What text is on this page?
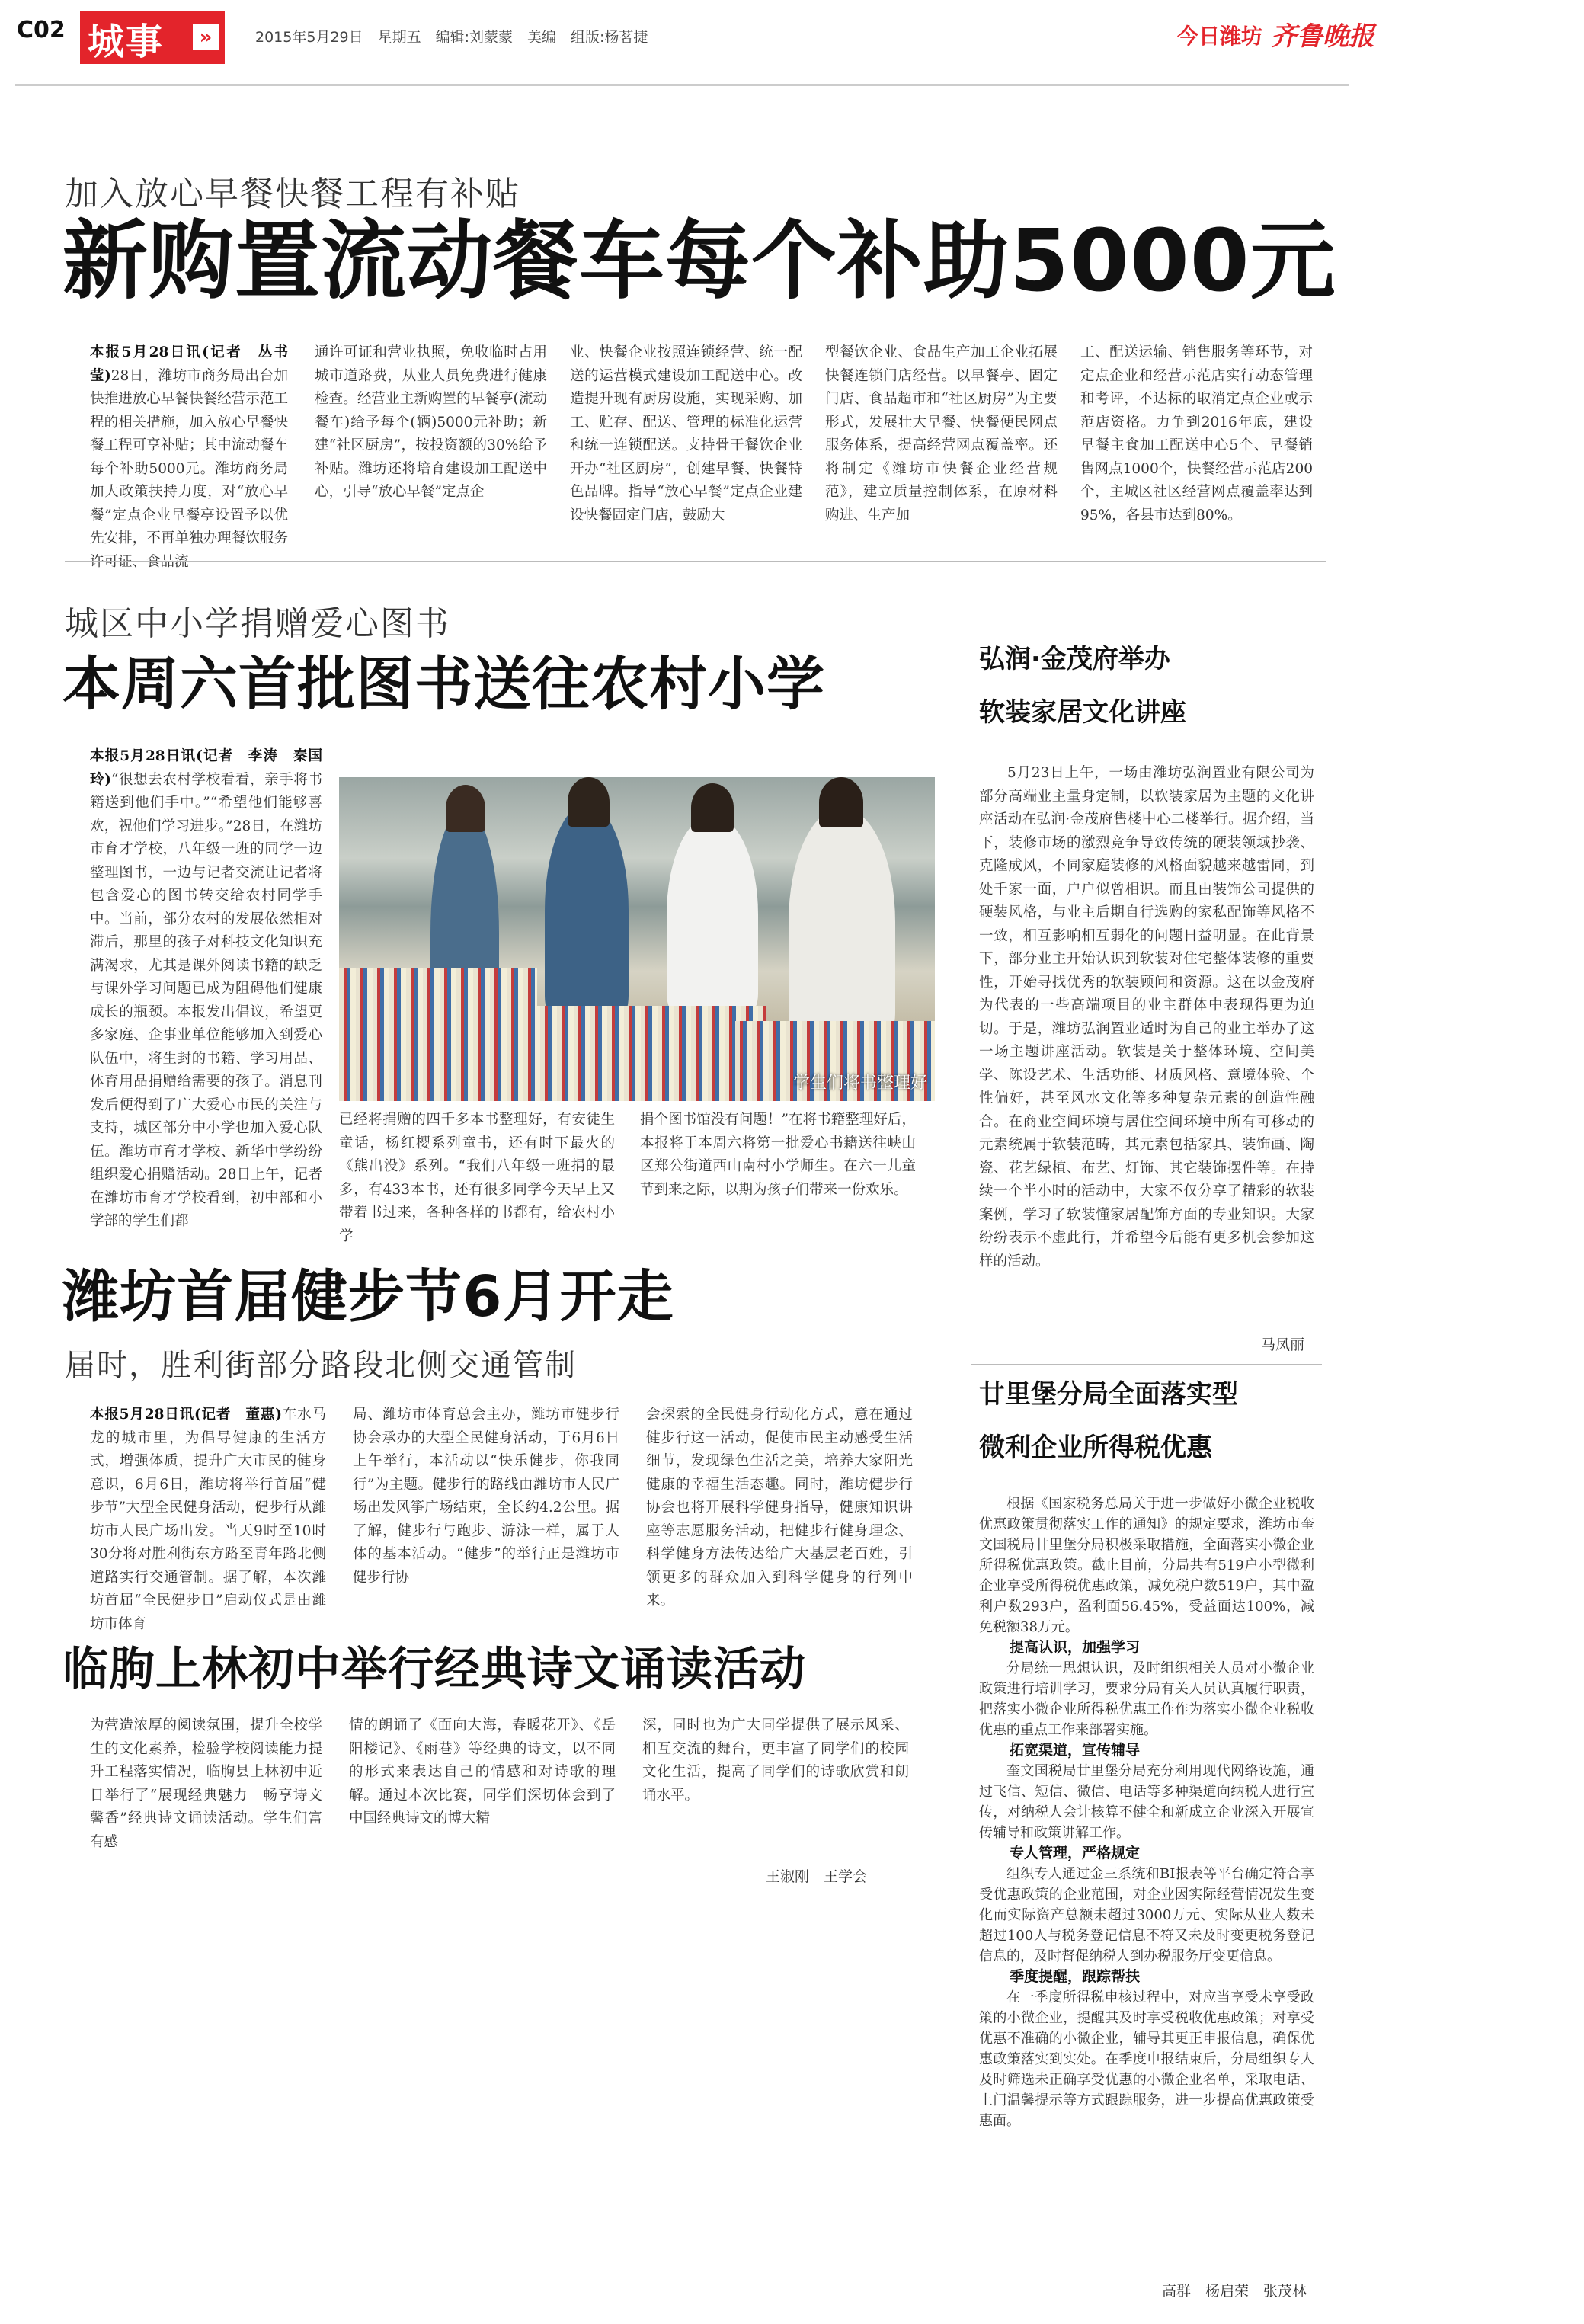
C02 城事	»	2015年5月29日　星期五　编辑:刘蒙蒙　美编　组版:杨茗捷	今日潍坊 齐鲁晚报
加入放心早餐快餐工程有补贴
新购置流动餐车每个补助5000元
本报5月28日讯(记者　丛书莹)28日，潍坊市商务局出台加快推进放心早餐快餐经营示范工程的相关措施，加入放心早餐快餐工程可享补贴；其中流动餐车每个补助5000元。潍坊商务局加大政策扶持力度，对“放心早餐”定点企业早餐亭设置予以优先安排，不再单独办理餐饮服务许可证、食品流
通许可证和营业执照，免收临时占用城市道路费，从业人员免费进行健康检查。经营业主新购置的早餐亭(流动餐车)给予每个(辆)5000元补助；新建“社区厨房”，按投资额的30%给予补贴。潍坊还将培育建设加工配送中心，引导“放心早餐”定点企
业、快餐企业按照连锁经营、统一配送的运营模式建设加工配送中心。改造提升现有厨房设施，实现采购、加工、贮存、配送、管理的标准化运营和统一连锁配送。支持骨干餐饮企业开办“社区厨房”，创建早餐、快餐特色品牌。指导“放心早餐”定点企业建设快餐固定门店，鼓励大
型餐饮企业、食品生产加工企业拓展快餐连锁门店经营。以早餐亭、固定门店、食品超市和“社区厨房”为主要形式，发展壮大早餐、快餐便民网点服务体系，提高经营网点覆盖率。还将制定《潍坊市快餐企业经营规范》，建立质量控制体系，在原材料购进、生产加
工、配送运输、销售服务等环节，对定点企业和经营示范店实行动态管理和考评，不达标的取消定点企业或示范店资格。力争到2016年底，建设早餐主食加工配送中心5个、早餐销售网点1000个，快餐经营示范店200个，主城区社区经营网点覆盖率达到95%，各县市达到80%。
城区中小学捐赠爱心图书
本周六首批图书送往农村小学
本报5月28日讯(记者　李涛　秦国玲)“很想去农村学校看看，亲手将书籍送到他们手中。”“希望他们能够喜欢，祝他们学习进步。”28日，在潍坊市育才学校，八年级一班的同学一边整理图书，一边与记者交流让记者将包含爱心的图书转交给农村同学手中。当前，部分农村的发展依然相对滞后，那里的孩子对科技文化知识充满渴求，尤其是课外阅读书籍的缺乏与课外学习问题已成为阻碍他们健康成长的瓶颈。本报发出倡议，希望更多家庭、企事业单位能够加入到爱心队伍中，将生封的书籍、学习用品、体育用品捐赠给需要的孩子。消息刊发后便得到了广大爱心市民的关注与支持，城区部分中小学也加入爱心队伍。潍坊市育才学校、新华中学纷纷组织爱心捐赠活动。28日上午，记者在潍坊市育才学校看到，初中部和小学部的学生们都
学生们将书整理好
已经将捐赠的四千多本书整理好，有安徒生童话，杨红樱系列童书，还有时下最火的《熊出没》系列。“我们八年级一班捐的最多，有433本书，还有很多同学今天早上又带着书过来，各种各样的书都有，给农村小学
捐个图书馆没有问题！”在将书籍整理好后，本报将于本周六将第一批爱心书籍送往峡山区郑公街道西山南村小学师生。在六一儿童节到来之际，以期为孩子们带来一份欢乐。
潍坊首届健步节6月开走
届时，胜利街部分路段北侧交通管制
本报5月28日讯(记者　董惠)车水马龙的城市里，为倡导健康的生活方式，增强体质，提升广大市民的健身意识，6月6日，潍坊将举行首届“健步节”大型全民健身活动，健步行从潍坊市人民广场出发。当天9时至10时30分将对胜利街东方路至青年路北侧道路实行交通管制。据了解，本次潍坊首届“全民健步日”启动仪式是由潍坊市体育
局、潍坊市体育总会主办，潍坊市健步行协会承办的大型全民健身活动，于6月6日上午举行，本活动以“快乐健步，你我同行”为主题。健步行的路线由潍坊市人民广场出发风筝广场结束，全长约4.2公里。据了解，健步行与跑步、游泳一样，属于人体的基本活动。“健步”的举行正是潍坊市健步行协
会探索的全民健身行动化方式，意在通过健步行这一活动，促使市民主动感受生活细节，发现绿色生活之美，培养大家阳光健康的幸福生活态趣。同时，潍坊健步行协会也将开展科学健身指导，健康知识讲座等志愿服务活动，把健步行健身理念、科学健身方法传达给广大基层老百姓，引领更多的群众加入到科学健身的行列中来。
临朐上林初中举行经典诗文诵读活动
为营造浓厚的阅读氛围，提升全校学生的文化素养，检验学校阅读能力提升工程落实情况，临朐县上林初中近日举行了“展现经典魅力　畅享诗文馨香”经典诗文诵读活动。学生们富有感
情的朗诵了《面向大海，春暖花开》、《岳阳楼记》、《雨巷》等经典的诗文，以不同的形式来表达自己的情感和对诗歌的理解。通过本次比赛，同学们深切体会到了中国经典诗文的博大精
深，同时也为广大同学提供了展示风采、相互交流的舞台，更丰富了同学们的校园文化生活，提高了同学们的诗歌欣赏和朗诵水平。
王淑刚　王学会
弘润·金茂府举办
软装家居文化讲座
5月23日上午，一场由潍坊弘润置业有限公司为部分高端业主量身定制，以软装家居为主题的文化讲座活动在弘润·金茂府售楼中心二楼举行。据介绍，当下，装修市场的激烈竞争导致传统的硬装领域抄袭、克隆成风，不同家庭装修的风格面貌越来越雷同，到处千家一面，户户似曾相识。而且由装饰公司提供的硬装风格，与业主后期自行选购的家私配饰等风格不一致，相互影响相互弱化的问题日益明显。在此背景下，部分业主开始认识到软装对住宅整体装修的重要性，开始寻找优秀的软装顾问和资源。这在以金茂府为代表的一些高端项目的业主群体中表现得更为迫切。于是，潍坊弘润置业适时为自己的业主举办了这一场主题讲座活动。软装是关于整体环境、空间美学、陈设艺术、生活功能、材质风格、意境体验、个性偏好，甚至风水文化等多种复杂元素的创造性融合。在商业空间环境与居住空间环境中所有可移动的元素统属于软装范畴，其元素包括家具、装饰画、陶瓷、花艺绿植、布艺、灯饰、其它装饰摆件等。在持续一个半小时的活动中，大家不仅分享了精彩的软装案例，学习了软装懂家居配饰方面的专业知识。大家纷纷表示不虚此行，并希望今后能有更多机会参加这样的活动。
马凤丽
廿里堡分局全面落实型
微利企业所得税优惠
根据《国家税务总局关于进一步做好小微企业税收优惠政策贯彻落实工作的通知》的规定要求，潍坊市奎文国税局廿里堡分局积极采取措施，全面落实小微企业所得税优惠政策。截止目前，分局共有519户小型微利企业享受所得税优惠政策，减免税户数519户，其中盈利户数293户，盈利面56.45%，受益面达100%，减免税额38万元。
提高认识，加强学习
分局统一思想认识，及时组织相关人员对小微企业政策进行培训学习，要求分局有关人员认真履行职责，把落实小微企业所得税优惠工作作为落实小微企业税收优惠的重点工作来部署实施。
拓宽渠道，宣传辅导
奎文国税局廿里堡分局充分利用现代网络设施，通过飞信、短信、微信、电话等多种渠道向纳税人进行宣传，对纳税人会计核算不健全和新成立企业深入开展宣传辅导和政策讲解工作。
专人管理，严格规定
组织专人通过金三系统和BI报表等平台确定符合享受优惠政策的企业范围，对企业因实际经营情况发生变化而实际资产总额未超过3000万元、实际从业人数未超过100人与税务登记信息不符又未及时变更税务登记信息的，及时督促纳税人到办税服务厅变更信息。
季度提醒，跟踪帮扶
在一季度所得税申核过程中，对应当享受未享受政策的小微企业，提醒其及时享受税收优惠政策；对享受优惠不准确的小微企业，辅导其更正申报信息，确保优惠政策落实到实处。在季度申报结束后，分局组织专人及时筛选未正确享受优惠的小微企业名单，采取电话、上门温馨提示等方式跟踪服务，进一步提高优惠政策受惠面。
高群　杨启荣　张茂林
